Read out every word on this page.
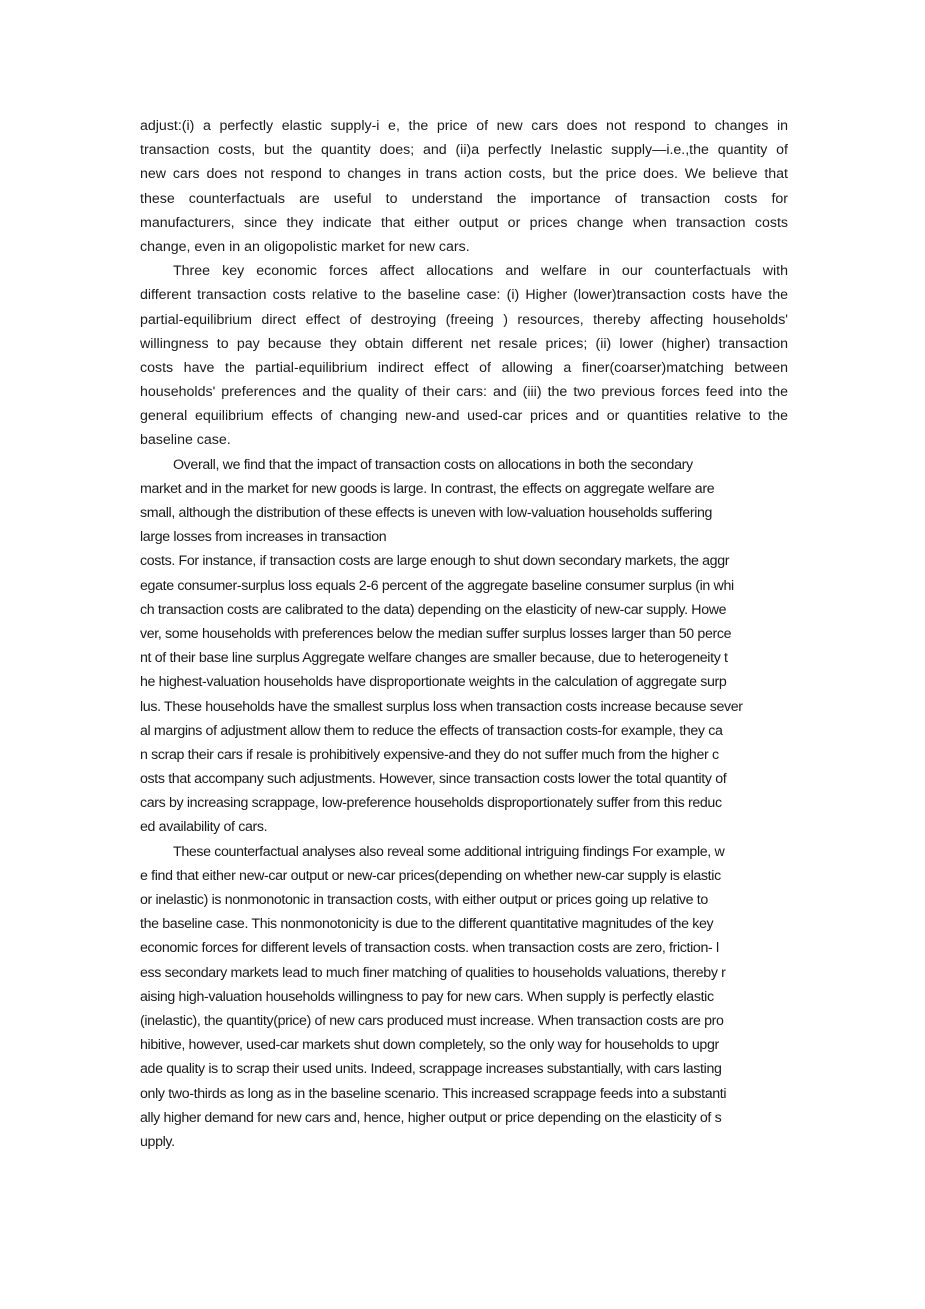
adjust:(i) a perfectly elastic supply-i e, the price of new cars does not respond to changes in
transaction costs, but the quantity does; and (ii)a perfectly Inelastic supply—i.e.,the quantity of
new cars does not respond to changes in trans action costs, but the price does. We believe that
these counterfactuals are useful to understand the importance of transaction costs for
manufacturers, since they indicate that either output or prices change when transaction costs
change, even in an oligopolistic market for new cars.
Three key economic forces affect allocations and welfare in our counterfactuals with
different transaction costs relative to the baseline case: (i) Higher (lower)transaction costs have the
partial-equilibrium direct effect of destroying (freeing ) resources, thereby affecting households'
willingness to pay because they obtain different net resale prices; (ii) lower (higher) transaction
costs have the partial-equilibrium indirect effect of allowing a finer(coarser)matching between
households' preferences and the quality of their cars: and (iii) the two previous forces feed into the
general equilibrium effects of changing new-and used-car prices and or quantities relative to the
baseline case.
Overall, we find that the impact of transaction costs on allocations in both the secondary
market and in the market for new goods is large. In contrast, the effects on aggregate welfare are
small, although the distribution of these effects is uneven with low-valuation households suffering
large losses from increases in transaction
costs. For instance, if transaction costs are large enough to shut down secondary markets, the aggr
egate consumer-surplus loss equals 2-6 percent of the aggregate baseline consumer surplus (in whi
ch transaction costs are calibrated to the data) depending on the elasticity of new-car supply. Howe
ver, some households with preferences below the median suffer surplus losses larger than 50 perce
nt of their base line surplus Aggregate welfare changes are smaller because, due to heterogeneity t
he highest-valuation households have disproportionate weights in the calculation of aggregate surp
lus. These households have the smallest surplus loss when transaction costs increase because sever
al margins of adjustment allow them to reduce the effects of transaction costs-for example, they ca
n scrap their cars if resale is prohibitively expensive-and they do not suffer much from the higher c
osts that accompany such adjustments. However, since transaction costs lower the total quantity of
cars by increasing scrappage, low-preference households disproportionately suffer from this reduc
ed availability of cars.
These counterfactual analyses also reveal some additional intriguing findings For example, w
e find that either new-car output or new-car prices(depending on whether new-car supply is elastic
or inelastic) is nonmonotonic in transaction costs, with either output or prices going up relative to
the baseline case. This nonmonotonicity is due to the different quantitative magnitudes of the key
economic forces for different levels of transaction costs. when transaction costs are zero, friction- l
ess secondary markets lead to much finer matching of qualities to households valuations, thereby r
aising high-valuation households willingness to pay for new cars. When supply is perfectly elastic
(inelastic), the quantity(price) of new cars produced must increase. When transaction costs are pro
hibitive, however, used-car markets shut down completely, so the only way for households to upgr
ade quality is to scrap their used units. Indeed, scrappage increases substantially, with cars lasting
only two-thirds as long as in the baseline scenario. This increased scrappage feeds into a substanti
ally higher demand for new cars and, hence, higher output or price depending on the elasticity of s
upply.
